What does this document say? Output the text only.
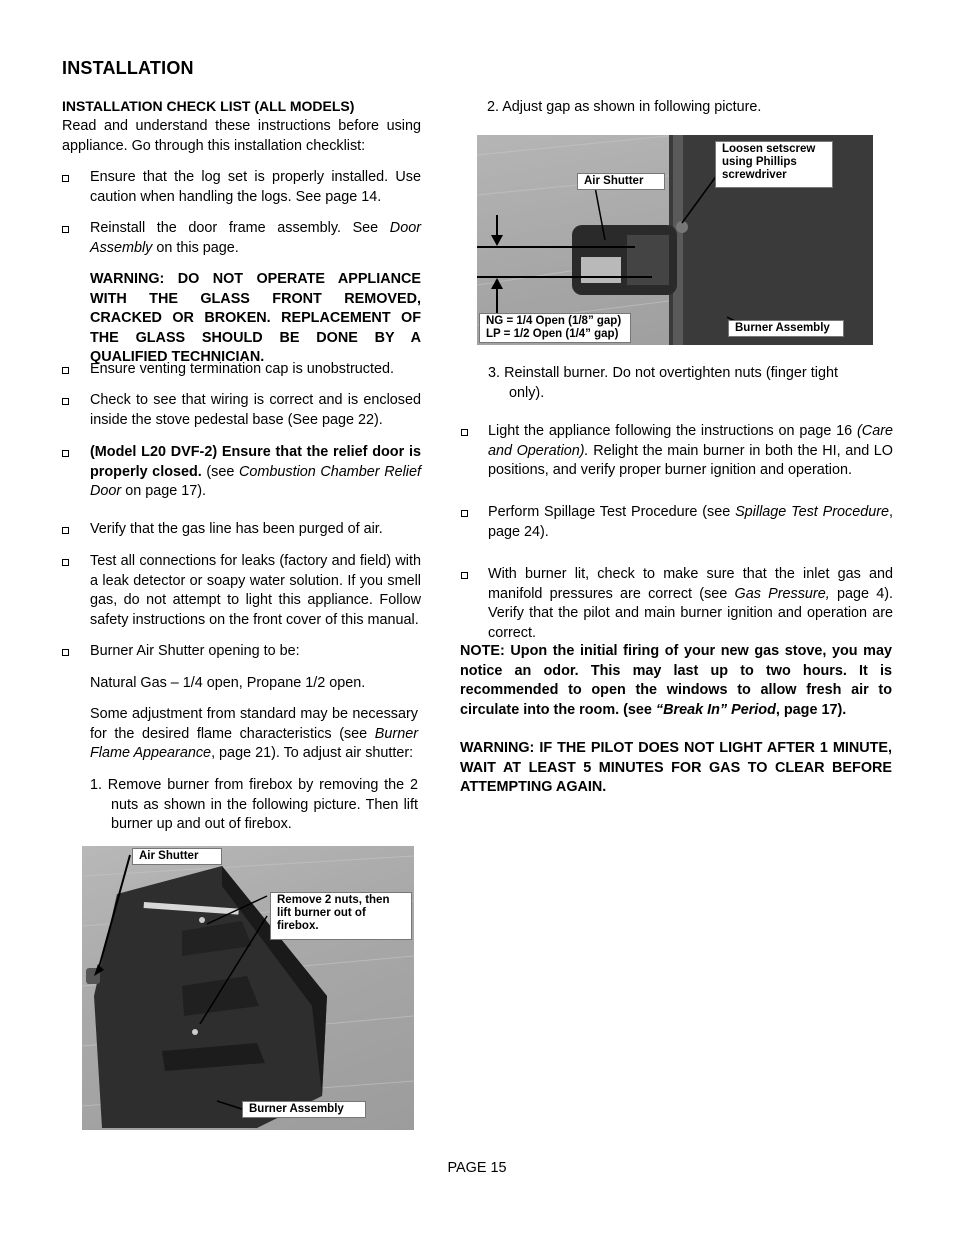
INSTALLATION
INSTALLATION CHECK LIST (ALL MODELS)
Read and understand these instructions before using appliance. Go through this installation checklist:
Ensure that the log set is properly installed. Use caution when handling the logs. See page 14.
Reinstall the door frame assembly. See Door Assembly on this page.
WARNING: DO NOT OPERATE APPLIANCE WITH THE GLASS FRONT REMOVED, CRACKED OR BROKEN. REPLACEMENT OF THE GLASS SHOULD BE DONE BY A QUALIFIED TECHNICIAN.
Ensure venting termination cap is unobstructed.
Check to see that wiring is correct and is enclosed inside the stove pedestal base (See page 22).
(Model L20 DVF-2) Ensure that the relief door is properly closed. (see Combustion Chamber Relief Door on page 17).
Verify that the gas line has been purged of air.
Test all connections for leaks (factory and field) with a leak detector or soapy water solution. If you smell gas, do not attempt to light this appliance. Follow safety instructions on the front cover of this manual.
Burner Air Shutter opening to be:
Natural Gas – 1/4 open, Propane 1/2 open.
Some adjustment from standard may be necessary for the desired flame characteristics (see Burner Flame Appearance, page 21). To adjust air shutter:
1. Remove burner from firebox by removing the 2 nuts as shown in the following picture. Then lift burner up and out of firebox.
Air Shutter
Remove 2 nuts, then lift burner out of firebox.
Burner Assembly
2. Adjust gap as shown in following picture.
Air Shutter
Loosen setscrew using Phillips screwdriver
NG = 1/4 Open (1/8” gap)
LP = 1/2 Open (1/4” gap)	Burner Assembly
3. Reinstall burner. Do not overtighten nuts (finger tight only).
Light the appliance following the instructions on page 16 (Care and Operation). Relight the main burner in both the HI, and LO positions, and verify proper burner ignition and operation.
Perform Spillage Test Procedure (see Spillage Test Procedure, page 24).
With burner lit, check to make sure that the inlet gas and manifold pressures are correct (see Gas Pressure, page 4). Verify that the pilot and main burner ignition and operation are correct.
NOTE: Upon the initial firing of your new gas stove, you may notice an odor. This may last up to two hours. It is recommended to open the windows to allow fresh air to circulate into the room. (see “Break In” Period, page 17).
WARNING: IF THE PILOT DOES NOT LIGHT AFTER 1 MINUTE, WAIT AT LEAST 5 MINUTES FOR GAS TO CLEAR BEFORE ATTEMPTING AGAIN.
PAGE 15
